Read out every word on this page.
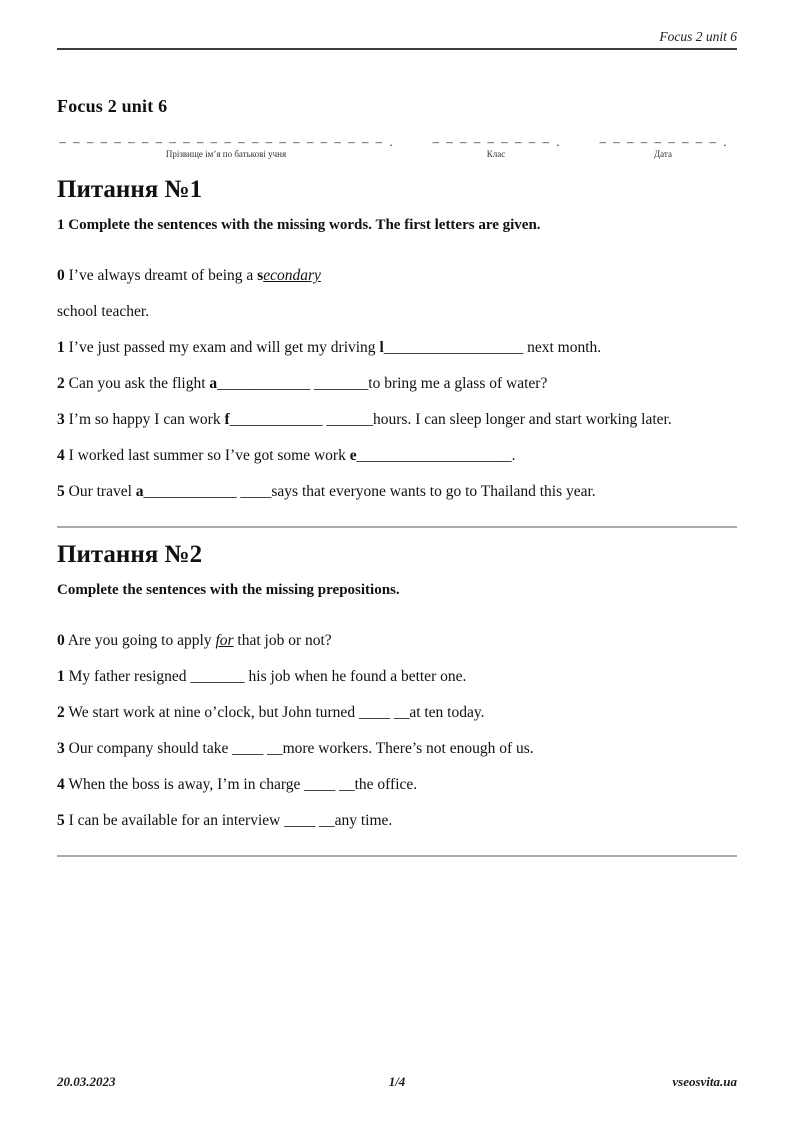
Focus 2 unit 6
Focus 2 unit 6
– – – – – – – – – – – – – – – – – – – – – – – – .
Прізвище ім’я по батькові учня
– – – – – – – – – .
Клас
– – – – – – – – – .
Дата
Питання №1
1 Complete the sentences with the missing words. The first letters are given.

0 I’ve always dreamt of being a secondary

school teacher.

1 I’ve just passed my exam and will get my driving l__________________ next month.

2 Can you ask the flight a____________ _______to bring me a glass of water?

3 I’m so happy I can work f____________ ______hours. I can sleep longer and start working later.

4 I worked last summer so I’ve got some work e____________________.

5 Our travel a____________ ____says that everyone wants to go to Thailand this year.

Питання №2
Complete the sentences with the missing prepositions.

0 Are you going to apply for that job or not?

1 My father resigned _______ his job when he found a better one.

2 We start work at nine o’clock, but John turned ____ __at ten today.

3 Our company should take ____ __more workers. There’s not enough of us.

4 When the boss is away, I’m in charge ____ __the office.

5 I can be available for an interview ____ __any time.

20.03.2023	1/4	vseosvita.ua
